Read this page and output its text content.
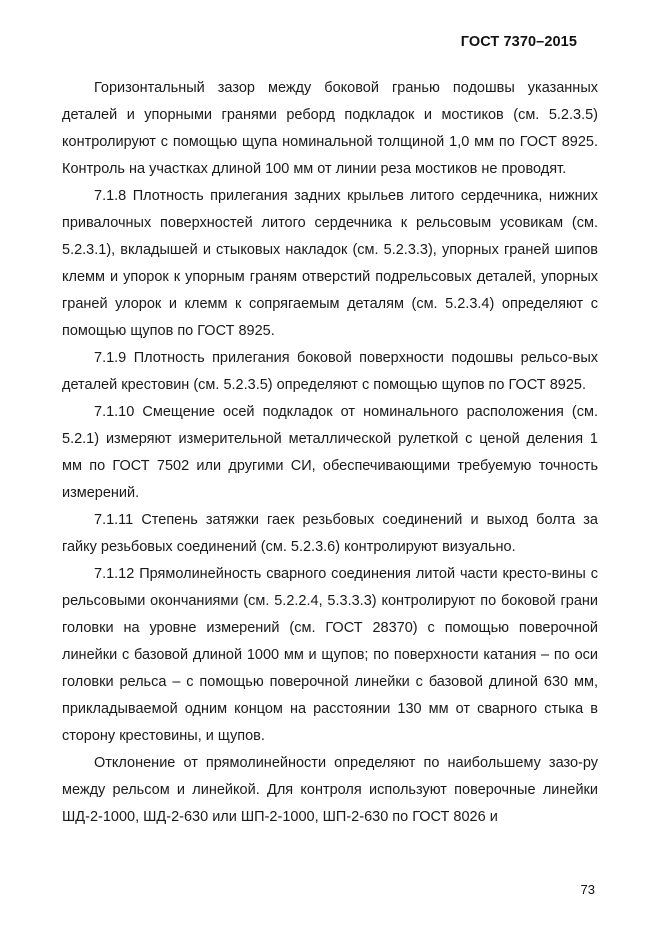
ГОСТ 7370–2015

Горизонтальный зазор между боковой гранью подошвы указанных деталей и упорными гранями реборд подкладок и мостиков (см. 5.2.3.5) контролируют с помощью щупа номинальной толщиной 1,0 мм по ГОСТ 8925. Контроль на участках длиной 100 мм от линии реза мостиков не проводят.

7.1.8 Плотность прилегания задних крыльев литого сердечника, нижних привалочных поверхностей литого сердечника к рельсовым усовикам (см. 5.2.3.1), вкладышей и стыковых накладок (см. 5.2.3.3), упорных граней шипов клемм и упорок к упорным граням отверстий подрельсовых деталей, упорных граней улорок и клемм к сопрягаемым деталям (см. 5.2.3.4) определяют с помощью щупов по ГОСТ 8925.

7.1.9 Плотность прилегания боковой поверхности подошвы рельсо-вых деталей крестовин (см. 5.2.3.5) определяют с помощью щупов по ГОСТ 8925.

7.1.10 Смещение осей подкладок от номинального расположения (см. 5.2.1) измеряют измерительной металлической рулеткой с ценой деления 1 мм по ГОСТ 7502 или другими СИ, обеспечивающими требуемую точность измерений.

7.1.11 Степень затяжки гаек резьбовых соединений и выход болта за гайку резьбовых соединений (см. 5.2.3.6) контролируют визуально.

7.1.12 Прямолинейность сварного соединения литой части кресто-вины с рельсовыми окончаниями (см. 5.2.2.4, 5.3.3.3) контролируют по боковой грани головки на уровне измерений (см. ГОСТ 28370) с помощью поверочной линейки с базовой длиной 1000 мм и щупов; по поверхности катания – по оси головки рельса – с помощью поверочной линейки с базовой длиной 630 мм, прикладываемой одним концом на расстоянии 130 мм от сварного стыка в сторону крестовины, и щупов.

Отклонение от прямолинейности определяют по наибольшему зазо-ру между рельсом и линейкой. Для контроля используют поверочные линейки ШД-2-1000, ШД-2-630 или ШП-2-1000, ШП-2-630 по ГОСТ 8026 и

73
